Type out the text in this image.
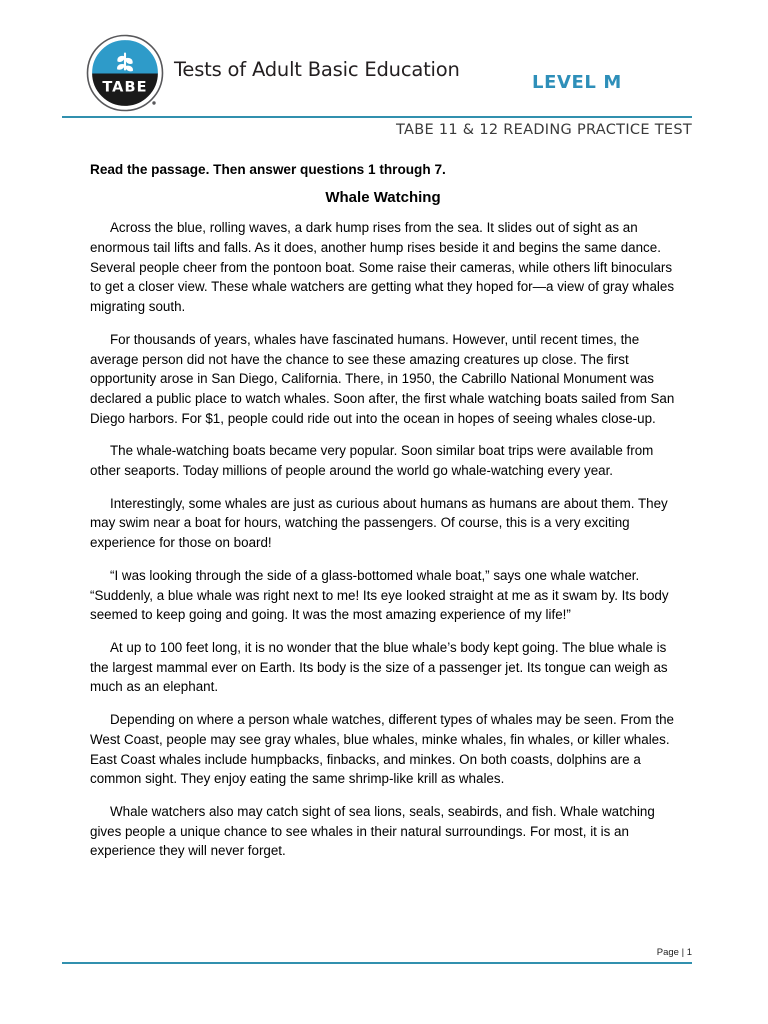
TABE
Tests of Adult Basic Education
LEVEL M
TABE 11 & 12 READING PRACTICE TEST

Read the passage. Then answer questions 1 through 7.

Whale Watching

Across the blue, rolling waves, a dark hump rises from the sea. It slides out of sight as an enormous tail lifts and falls. As it does, another hump rises beside it and begins the same dance. Several people cheer from the pontoon boat. Some raise their cameras, while others lift binoculars to get a closer view. These whale watchers are getting what they hoped for—a view of gray whales migrating south.

For thousands of years, whales have fascinated humans. However, until recent times, the average person did not have the chance to see these amazing creatures up close. The first opportunity arose in San Diego, California. There, in 1950, the Cabrillo National Monument was declared a public place to watch whales. Soon after, the first whale watching boats sailed from San Diego harbors. For $1, people could ride out into the ocean in hopes of seeing whales close-up.

The whale-watching boats became very popular. Soon similar boat trips were available from other seaports. Today millions of people around the world go whale-watching every year.

Interestingly, some whales are just as curious about humans as humans are about them. They may swim near a boat for hours, watching the passengers. Of course, this is a very exciting experience for those on board!

“I was looking through the side of a glass-bottomed whale boat,” says one whale watcher. “Suddenly, a blue whale was right next to me! Its eye looked straight at me as it swam by. Its body seemed to keep going and going. It was the most amazing experience of my life!”

At up to 100 feet long, it is no wonder that the blue whale’s body kept going. The blue whale is the largest mammal ever on Earth. Its body is the size of a passenger jet. Its tongue can weigh as much as an elephant.

Depending on where a person whale watches, different types of whales may be seen. From the West Coast, people may see gray whales, blue whales, minke whales, fin whales, or killer whales. East Coast whales include humpbacks, finbacks, and minkes. On both coasts, dolphins are a common sight. They enjoy eating the same shrimp-like krill as whales.

Whale watchers also may catch sight of sea lions, seals, seabirds, and fish. Whale watching gives people a unique chance to see whales in their natural surroundings. For most, it is an experience they will never forget.

Page | 1
